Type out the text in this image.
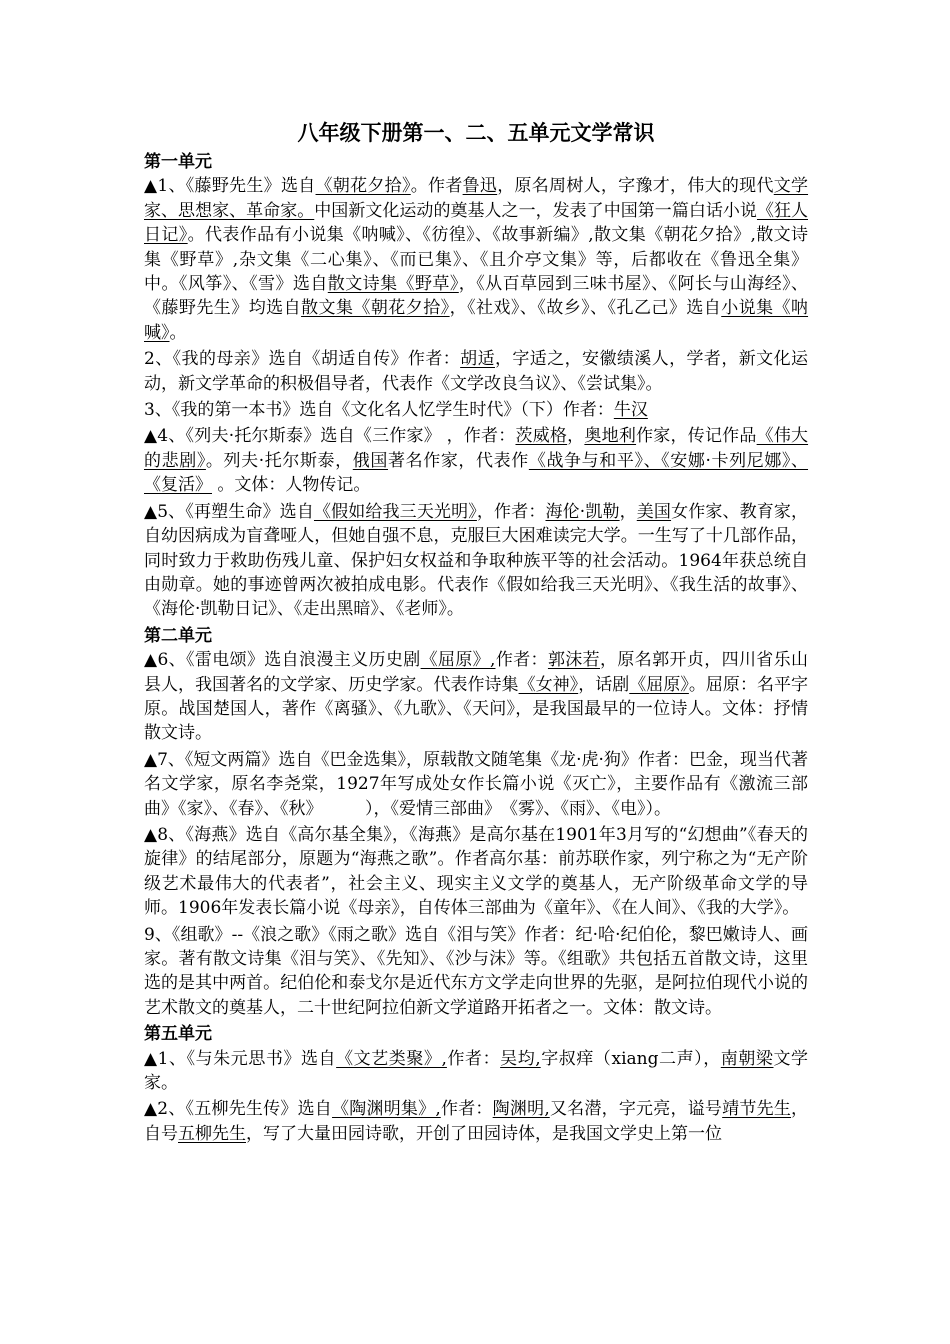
八年级下册第一、二、五单元文学常识
第一单元
▲1、《藤野先生》选自《朝花夕拾》。作者鲁迅，原名周树人，字豫才，伟大的现代文学家、思想家、革命家。中国新文化运动的奠基人之一，发表了中国第一篇白话小说《狂人日记》。代表作品有小说集《呐喊》、《彷徨》、《故事新编》,散文集《朝花夕拾》,散文诗集《野草》,杂文集《二心集》、《而已集》、《且介亭文集》等，后都收在《鲁迅全集》中。《风筝》、《雪》选自散文诗集《野草》，《从百草园到三味书屋》、《阿长与山海经》、《藤野先生》均选自散文集《朝花夕拾》，《社戏》、《故乡》、《孔乙己》选自小说集《呐喊》。
2、《我的母亲》选自《胡适自传》作者：胡适，字适之，安徽绩溪人，学者，新文化运动，新文学革命的积极倡导者，代表作《文学改良刍议》、《尝试集》。
3、《我的第一本书》选自《文化名人忆学生时代》（下）作者：牛汉
▲4、《列夫·托尔斯泰》选自《三作家》 ，作者：茨威格，奥地利作家，传记作品《伟大的悲剧》。列夫·托尔斯泰，俄国著名作家，代表作《战争与和平》、《安娜·卡列尼娜》、《复活》 。文体：人物传记。
▲5、《再塑生命》选自《假如给我三天光明》，作者：海伦·凯勒，美国女作家、教育家，自幼因病成为盲聋哑人，但她自强不息，克服巨大困难读完大学。一生写了十几部作品，同时致力于救助伤残儿童、保护妇女权益和争取种族平等的社会活动。1964年获总统自由勋章。她的事迹曾两次被拍成电影。代表作《假如给我三天光明》、《我生活的故事》、《海伦·凯勒日记》、《走出黑暗》、《老师》。
第二单元
▲6、《雷电颂》选自浪漫主义历史剧《屈原》,作者：郭沫若，原名郭开贞，四川省乐山县人，我国著名的文学家、历史学家。代表作诗集《女神》，话剧《屈原》。屈原：名平字原。战国楚国人，著作《离骚》、《九歌》、《天问》，是我国最早的一位诗人。文体：抒情散文诗。
▲7、《短文两篇》选自《巴金选集》，原载散文随笔集《龙·虎·狗》作者：巴金，现当代著名文学家，原名李尧棠，1927年写成处女作长篇小说《灭亡》，主要作品有《激流三部曲》《家》、《春》、《秋》　　　），《爱情三部曲》　《雾》、《雨》、《电》）。
▲8、《海燕》选自《高尔基全集》，《海燕》是高尔基在1901年3月写的“幻想曲”《春天的旋律》的结尾部分，原题为“海燕之歌”。作者高尔基：前苏联作家，列宁称之为“无产阶级艺术最伟大的代表者”，社会主义、现实主义文学的奠基人，无产阶级革命文学的导师。1906年发表长篇小说《母亲》，自传体三部曲为《童年》、《在人间》、《我的大学》。
9、《组歌》--《浪之歌》《雨之歌》选自《泪与笑》作者：纪·哈·纪伯伦，黎巴嫩诗人、画家。著有散文诗集《泪与笑》、《先知》、《沙与沫》等。《组歌》共包括五首散文诗，这里选的是其中两首。纪伯伦和泰戈尔是近代东方文学走向世界的先驱，是阿拉伯现代小说的艺术散文的奠基人，二十世纪阿拉伯新文学道路开拓者之一。文体：散文诗。
第五单元
▲1、《与朱元思书》选自《文艺类聚》,作者：吴均,字叔痒（xiang二声），南朝梁文学家。
▲2、《五柳先生传》选自《陶渊明集》,作者：陶渊明,又名潜，字元亮，谥号靖节先生，自号五柳先生，写了大量田园诗歌，开创了田园诗体，是我国文学史上第一位
